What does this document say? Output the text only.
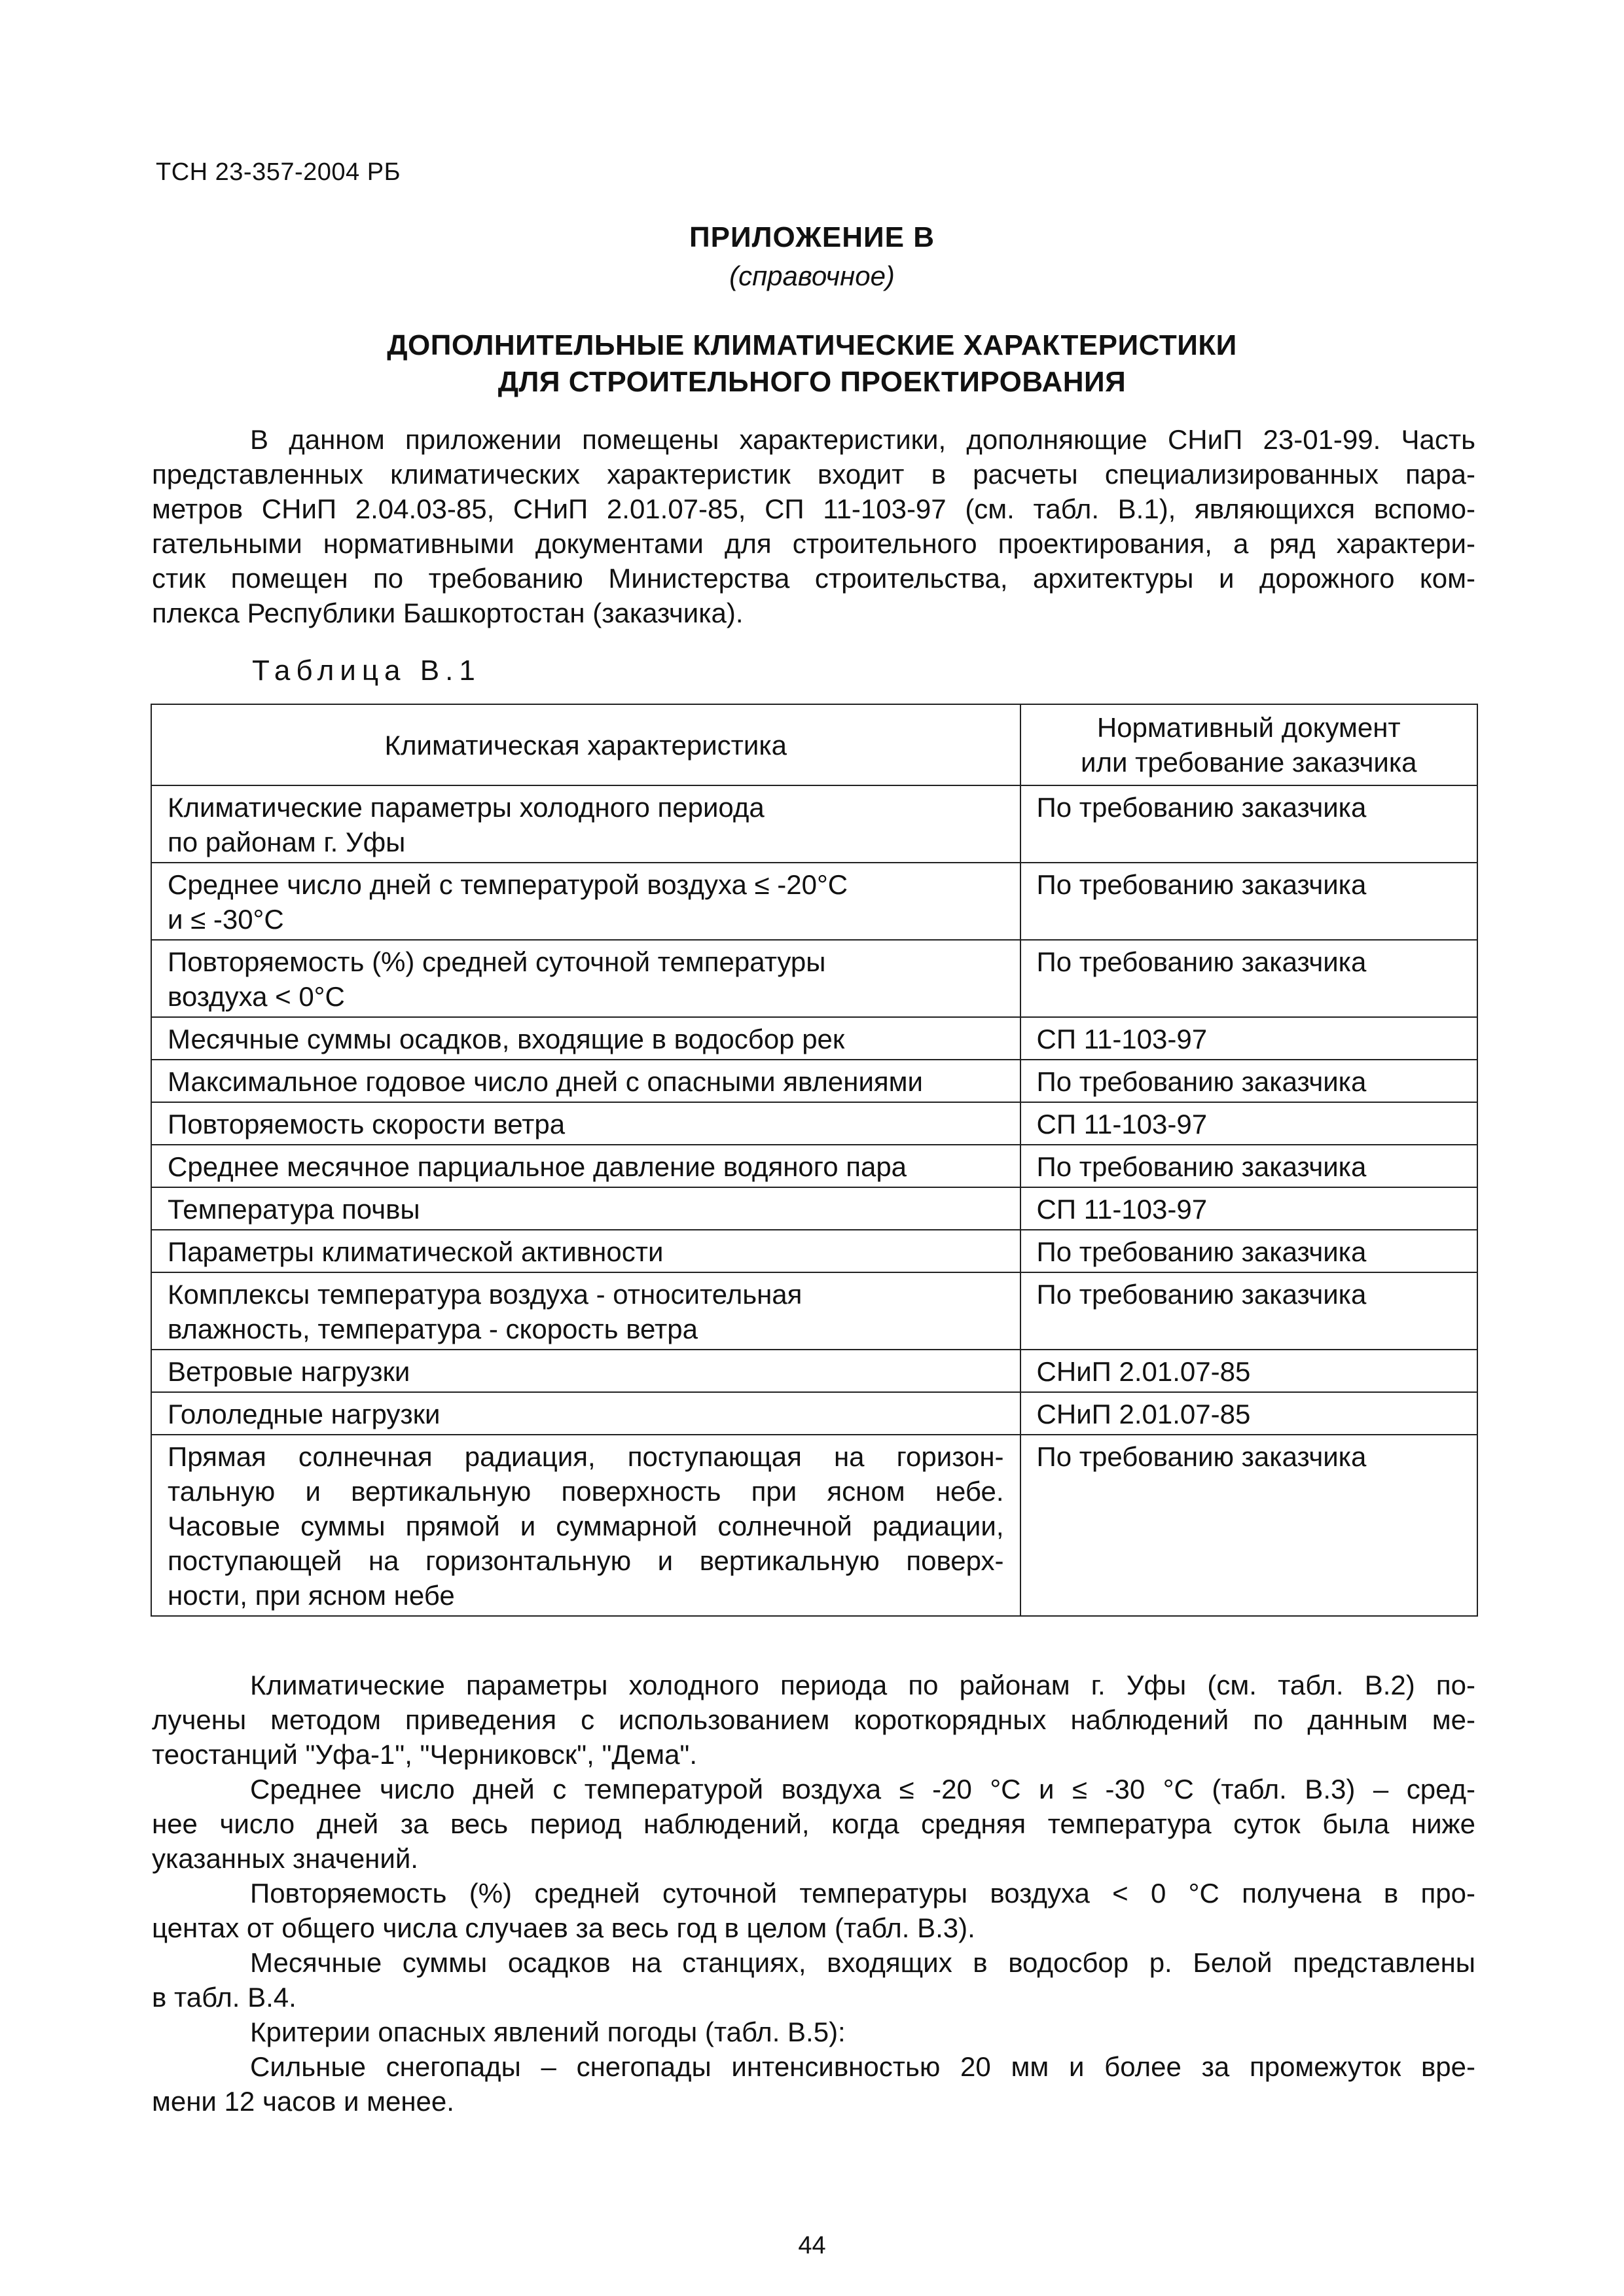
ТСН 23-357-2004 РБ
ПРИЛОЖЕНИЕ В
(справочное)
ДОПОЛНИТЕЛЬНЫЕ КЛИМАТИЧЕСКИЕ ХАРАКТЕРИСТИКИ
ДЛЯ СТРОИТЕЛЬНОГО ПРОЕКТИРОВАНИЯ
В данном приложении помещены характеристики, дополняющие СНиП 23-01-99. Часть
представленных климатических характеристик входит в расчеты специализированных пара-
метров СНиП 2.04.03-85, СНиП 2.01.07-85, СП 11-103-97 (см. табл. В.1), являющихся вспомо-
гательными нормативными документами для строительного проектирования, а ряд характери-
стик помещен по требованию Министерства строительства, архитектуры и дорожного ком-
плекса Республики Башкортостан (заказчика).
Таблица В.1
Климатическая характеристика	Нормативный документ
или требование заказчика

Климатические параметры холодного периода
по районам г. Уфы	По требованию заказчика

Среднее число дней с температурой воздуха ≤ -20°С
и ≤ -30°С	По требованию заказчика

Повторяемость (%) средней суточной температуры
воздуха < 0°С	По требованию заказчика
Месячные суммы осадков, входящие в водосбор рек	СП 11-103-97
Максимальное годовое число дней с опасными явлениями	По требованию заказчика
Повторяемость скорости ветра	СП 11-103-97
Среднее месячное парциальное давление водяного пара	По требованию заказчика
Температура почвы	СП 11-103-97
Параметры климатической активности	По требованию заказчика

Комплексы температура воздуха - относительная
влажность, температура - скорость ветра	По требованию заказчика
Ветровые нагрузки	СНиП 2.01.07-85
Гололедные нагрузки	СНиП 2.01.07-85

Прямая солнечная радиация, поступающая на горизон-
тальную и вертикальную поверхность при ясном небе.
Часовые суммы прямой и суммарной солнечной радиации,
поступающей на горизонтальную и вертикальную поверх-
ности, при ясном небе	По требованию заказчика
Климатические параметры холодного периода по районам г. Уфы (см. табл. В.2) по-
лучены методом приведения с использованием короткорядных наблюдений по данным ме-
теостанций "Уфа-1", "Черниковск", "Дема".
Среднее число дней с температурой воздуха ≤ -20 °С и ≤ -30 °С (табл. В.3) – сред-
нее число дней за весь период наблюдений, когда средняя температура суток была ниже
указанных значений.
Повторяемость (%) средней суточной температуры воздуха < 0 °С получена в про-
центах от общего числа случаев за весь год в целом (табл. В.3).
Месячные суммы осадков на станциях, входящих в водосбор р. Белой представлены
в табл. В.4.
Критерии опасных явлений погоды (табл. В.5):
Сильные снегопады – снегопады интенсивностью 20 мм и более за промежуток вре-
мени 12 часов и менее.
44
